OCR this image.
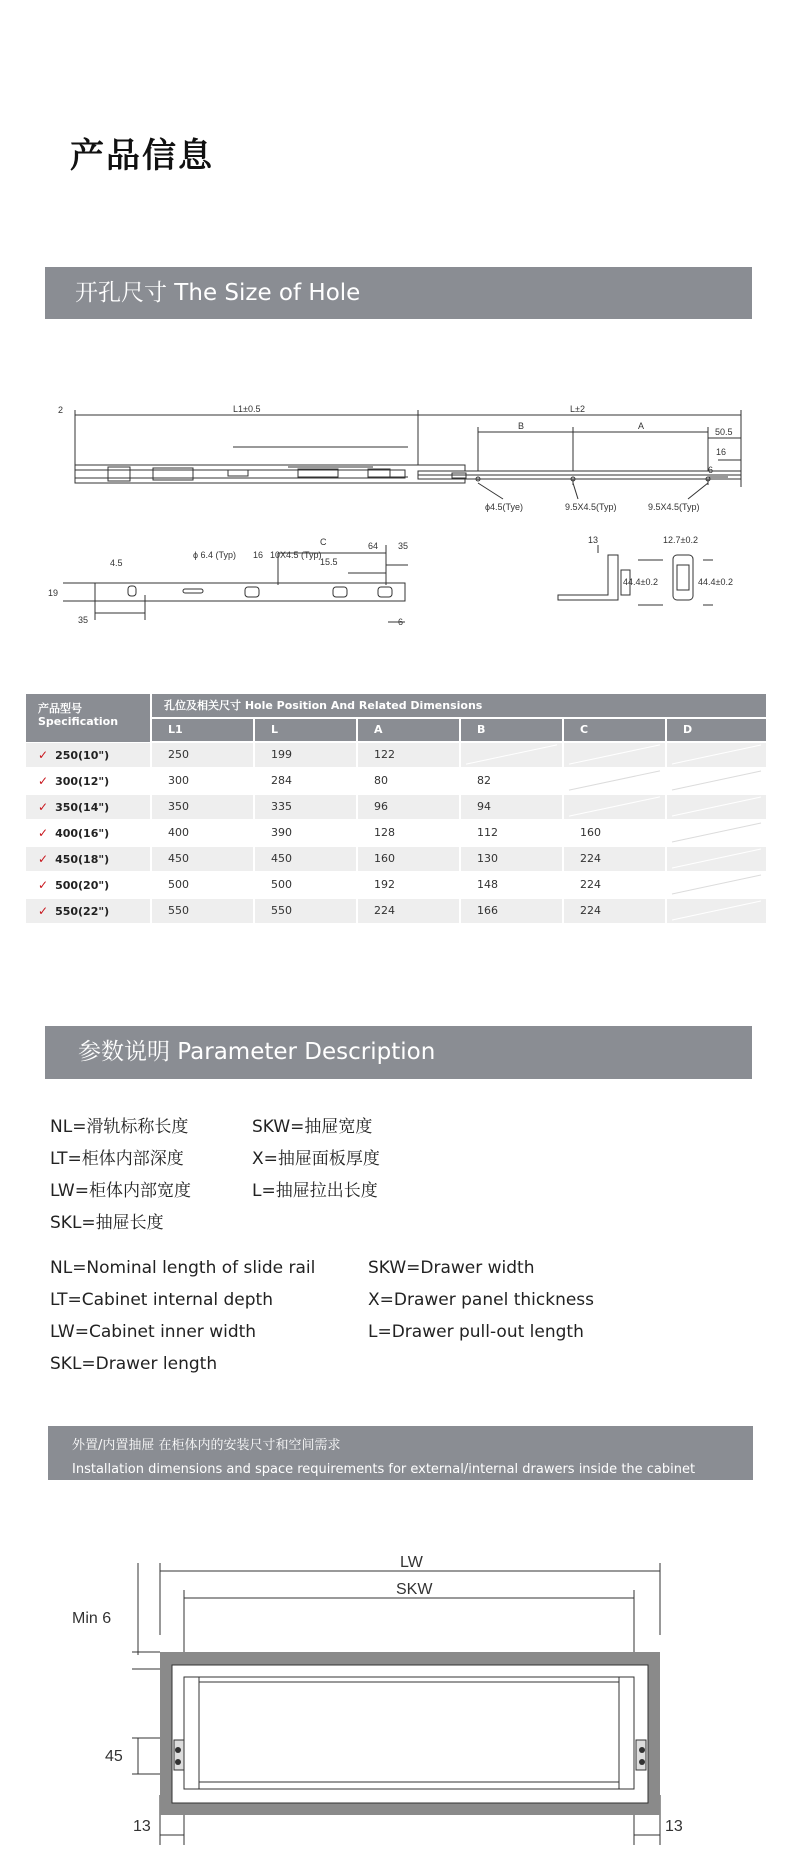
产品信息
开孔尺寸 The Size of Hole
2	L1±0.5	L±2
B	A
50.5
16
6
ϕ4.5(Tye)	9.5X4.5(Typ)	9.5X4.5(Typ)
C
ϕ 6.4 (Typ) 16 10X4.5 (Typ)
64 35
4.5	15.5
19
35	6
13
44.4±0.2
12.7±0.2
44.4±0.2
产品型号
Specification
孔位及相关尺寸 Hole Position And Related Dimensions
L1	L	A	B	C	D
✓ 250(10")	250	199	122
✓ 300(12")	300	284	80	82
✓ 350(14")	350	335	96	94
✓ 400(16")	400	390	128	112	160
✓ 450(18")	450	450	160	130	224
✓ 500(20")	500	500	192	148	224
✓ 550(22")	550	550	224	166	224
参数说明 Parameter Description
NL=滑轨标称长度
LT=柜体内部深度
LW=柜体内部宽度
SKL=抽屉长度
SKW=抽屉宽度
X=抽屉面板厚度
L=抽屉拉出长度
NL=Nominal length of slide rail
LT=Cabinet internal depth
LW=Cabinet inner width
SKL=Drawer length
SKW=Drawer width
X=Drawer panel thickness
L=Drawer pull-out length
外置/内置抽屉 在柜体内的安装尺寸和空间需求
Installation dimensions and space requirements for external/internal drawers inside the cabinet
LW
SKW
Min 6
45
13	13
